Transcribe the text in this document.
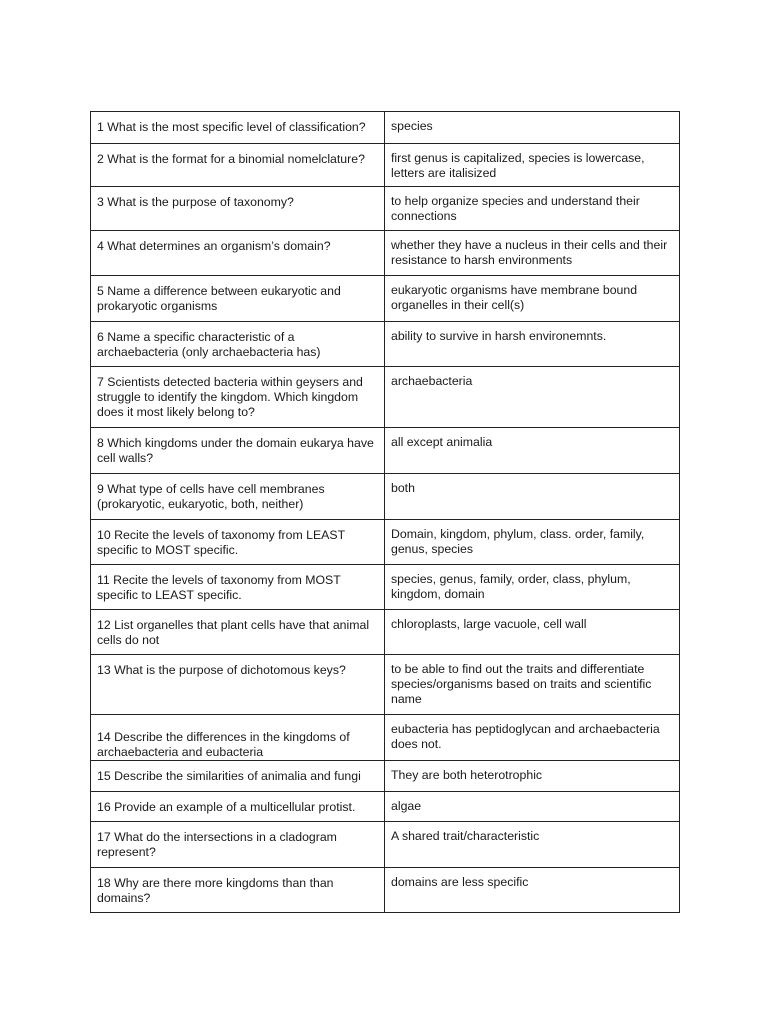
1 What is the most specific level of classification?	species
2 What is the format for a binomial nomelclature?	first genus is capitalized, species is lowercase, letters are italisized
3 What is the purpose of taxonomy?	to help organize species and understand their connections
4 What determines an organism’s domain?	whether they have a nucleus in their cells and their resistance to harsh environments
5 Name a difference between eukaryotic and prokaryotic organisms	eukaryotic organisms have membrane bound organelles in their cell(s)
6 Name a specific characteristic of a archaebacteria (only archaebacteria has)	ability to survive in harsh environemnts.
7 Scientists detected bacteria within geysers and struggle to identify the kingdom. Which kingdom does it most likely belong to?	archaebacteria
8 Which kingdoms under the domain eukarya have cell walls?	all except animalia
9 What type of cells have cell membranes (prokaryotic, eukaryotic, both, neither)	both
10 Recite the levels of taxonomy from LEAST specific to MOST specific.	Domain, kingdom, phylum, class. order, family, genus, species
11 Recite the levels of taxonomy from MOST specific to LEAST specific.	species, genus, family, order, class, phylum, kingdom, domain
12 List organelles that plant cells have that animal cells do not	chloroplasts, large vacuole, cell wall
13 What is the purpose of dichotomous keys?	to be able to find out the traits and differentiate species/organisms based on traits and scientific name
14 Describe the differences in the kingdoms of archaebacteria and eubacteria	eubacteria has peptidoglycan and archaebacteria does not.
15 Describe the similarities of animalia and fungi	They are both heterotrophic
16 Provide an example of a multicellular protist.	algae
17 What do the intersections in a cladogram represent?	A shared trait/characteristic
18 Why are there more kingdoms than than domains?	domains are less specific
